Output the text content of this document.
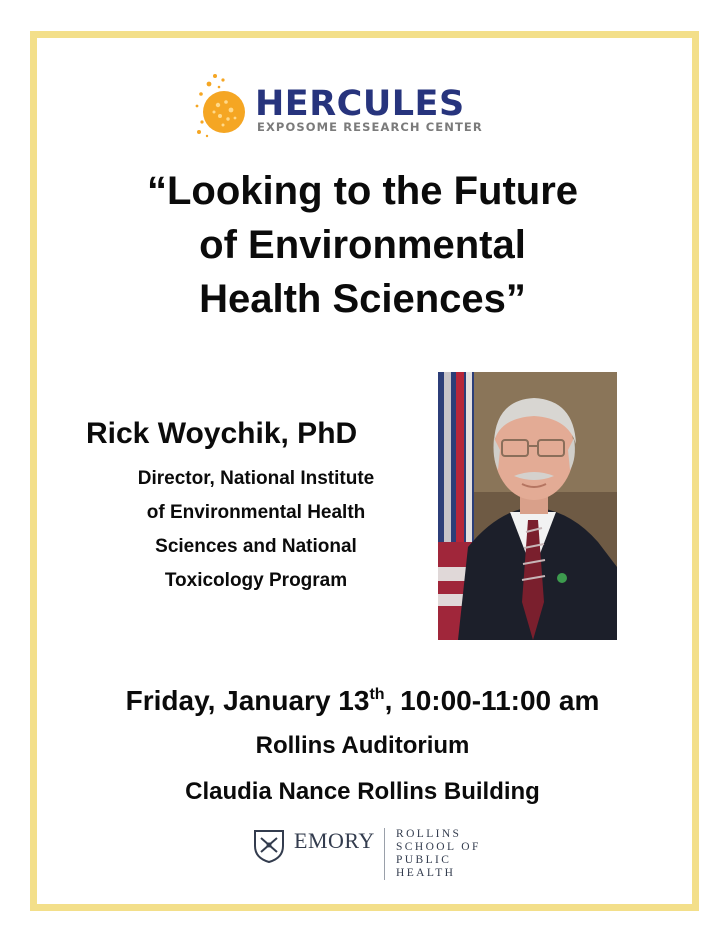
HERCULES
EXPOSOME RESEARCH CENTER
“Looking to the Future
of Environmental
Health Sciences”
Rick Woychik, PhD
Director, National Institute
of Environmental Health
Sciences and National
Toxicology Program
Friday, January 13th, 10:00-11:00 am
Rollins Auditorium
Claudia Nance Rollins Building
EMORY ROLLINS
SCHOOL OF
PUBLIC
HEALTH
